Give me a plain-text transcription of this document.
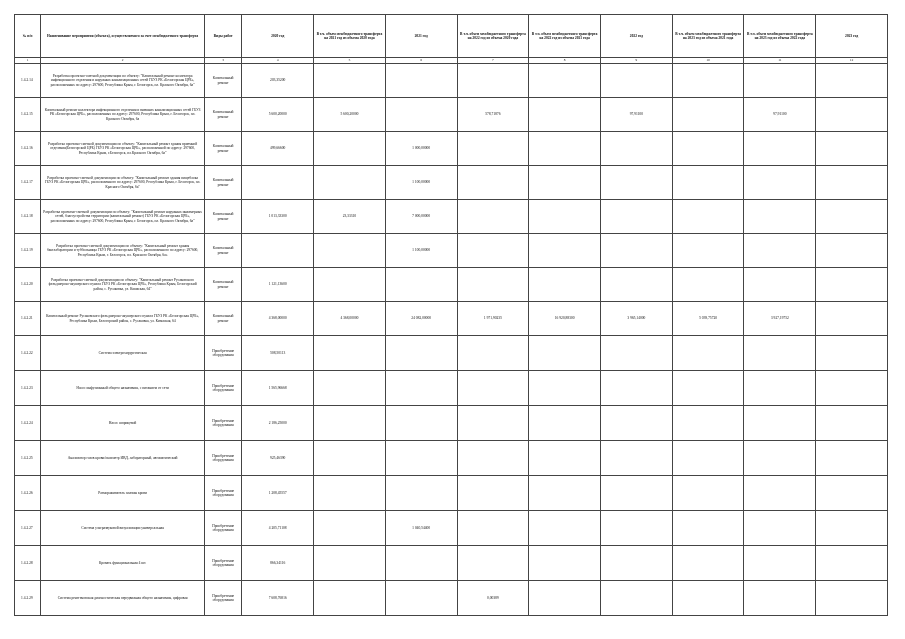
№ п/п	Наименование мероприятия (объекта), осуществляемого за счет межбюджетного трансферта	Виды работ	2020 год	В т.ч. объем межбюджетного трансферта на 2021 год из объема 2020 года	2021 год	В т.ч. объем межбюджетного трансферта на 2022 год из объема 2020 года	В т.ч. объем межбюджетного трансферта на 2022 год из объема 2021 года	2022 год	В т.ч. объем межбюджетного трансферта на 2023 год из объема 2021 года	В т.ч. объем межбюджетного трансферта на 2023 год из объема 2022 года	2023 год
1	2	3	4	5	6	7	8	9	10	11	12
1.4.2.14	Разработка проектно-сметной документации по объекту: "Капитальный ремонт коллектора инфекционного отделения и наружных канализационных сетей ГБУЗ РК «Белогорская ЦРБ», расположенных по адресу: 297600, Республика Крым, г. Белогорск, пл. Красного Октября, 6а"	Капитальный ремонт	203,35200								
1.4.2.15	Капитальный ремонт коллектора инфекционного отделения и внешних канализационных сетей ГБУЗ РК «Белогорская ЦРБ», расположенных по адресу: 297600, Республика Крым, г. Белогорск, пл. Красного Октября, 6а	Капитальный ремонт	5 600,20000	5 600,20000		578,71876		97,91100		97,91100	
1.4.2.16	Разработка проектно-сметной документации по объекту: "Капитальный ремонт здания приемной отделения(Белогорской ЦРБ) ГБУЗ РК «Белогорская ЦРБ», расположенной по адресу: 297600, Республика Крым, г.Белогорск, пл.Красного Октября, 6а"	Капитальный ремонт	499,66600		1 000,00000						
1.4.2.17	Разработка проектно-сметной документации по объекту: "Капитальный ремонт здания пищеблока ГБУЗ РК «Белогорская ЦРБ», расположенного по адресу: 297600, Республика Крым, г. Белогорск, пл. Красного Октября, 6а"	Капитальный ремонт			1 100,00000						
1.4.2.18	Разработка проектно-сметной документации по объекту: "Капитальный ремонт наружных инженерных сетей, благоустройства территории (капитальный ремонт) ГБУЗ РК «Белогорская ЦРБ», расположенных по адресу: 297600, Республика Крым, г. Белогорск, пл. Красного Октября, 6а"	Капитальный ремонт	1 013,33300	23,33310	7 000,00000						
1.4.2.19	Разработка проектно-сметной документации по объекту: "Капитальный ремонт здания бактлаборатории и туббольницы ГБУЗ РК «Белогорская ЦРБ», расположенного по адресу: 297600, Республика Крым, г. Белогорск, пл. Красного Октября, 6а»	Капитальный ремонт			1 100,00000						
1.4.2.20	Разработка проектно-сметной документации по объекту: "Капитальный ремонт Русаковского фельдшерско-акушерского пункта ГБУЗ РК «Белогорская ЦРБ», Республика Крым, Белогорский район, с. Русаковка, ул. Кимаская, 64"	Капитальный ремонт	1 121,13600								
1.4.2.21	Капитальный ремонт Русаковского фельдшерско-акушерского пункта ГБУЗ РК «Белогорская ЦРБ», Республика Крым, Белогорский район, с. Русаковка, ул. Кимаская, 64	Капитальный ремонт	4 368,00000	4 368,00000	24 082,00000	1 971,90235	16 920,88300	3 965,14000	5 039,75720	3 927,19752	
1.4.2.22	Система электрохирургическая	Приобретение оборудования	508,50113								
1.4.2.23	Насос инфузионный общего назначения, с питанием от сети	Приобретение оборудования	1 565,96668								
1.4.2.24	Насос шприцевой	Приобретение оборудования	2 186,25000								
1.4.2.25	Анализатор газов крови/оксиметр ИВД, лабораторный, автоматический	Приобретение оборудования	925,46390								
1.4.2.26	Размораживатель плазмы крови	Приобретение оборудования	1 208,45557								
1.4.2.27	Система ультразвуковой визуализации универсальная	Приобретение оборудования	4 205,71108		1 040,54400						
1.4.2.28	Кровать функциональная 4 шт.	Приобретение оборудования	866,34116								
1.4.2.29	Система рентгеновская диагностическая передвижная общего назначения, цифровая	Приобретение оборудования	7 608,76816			0,00389					
